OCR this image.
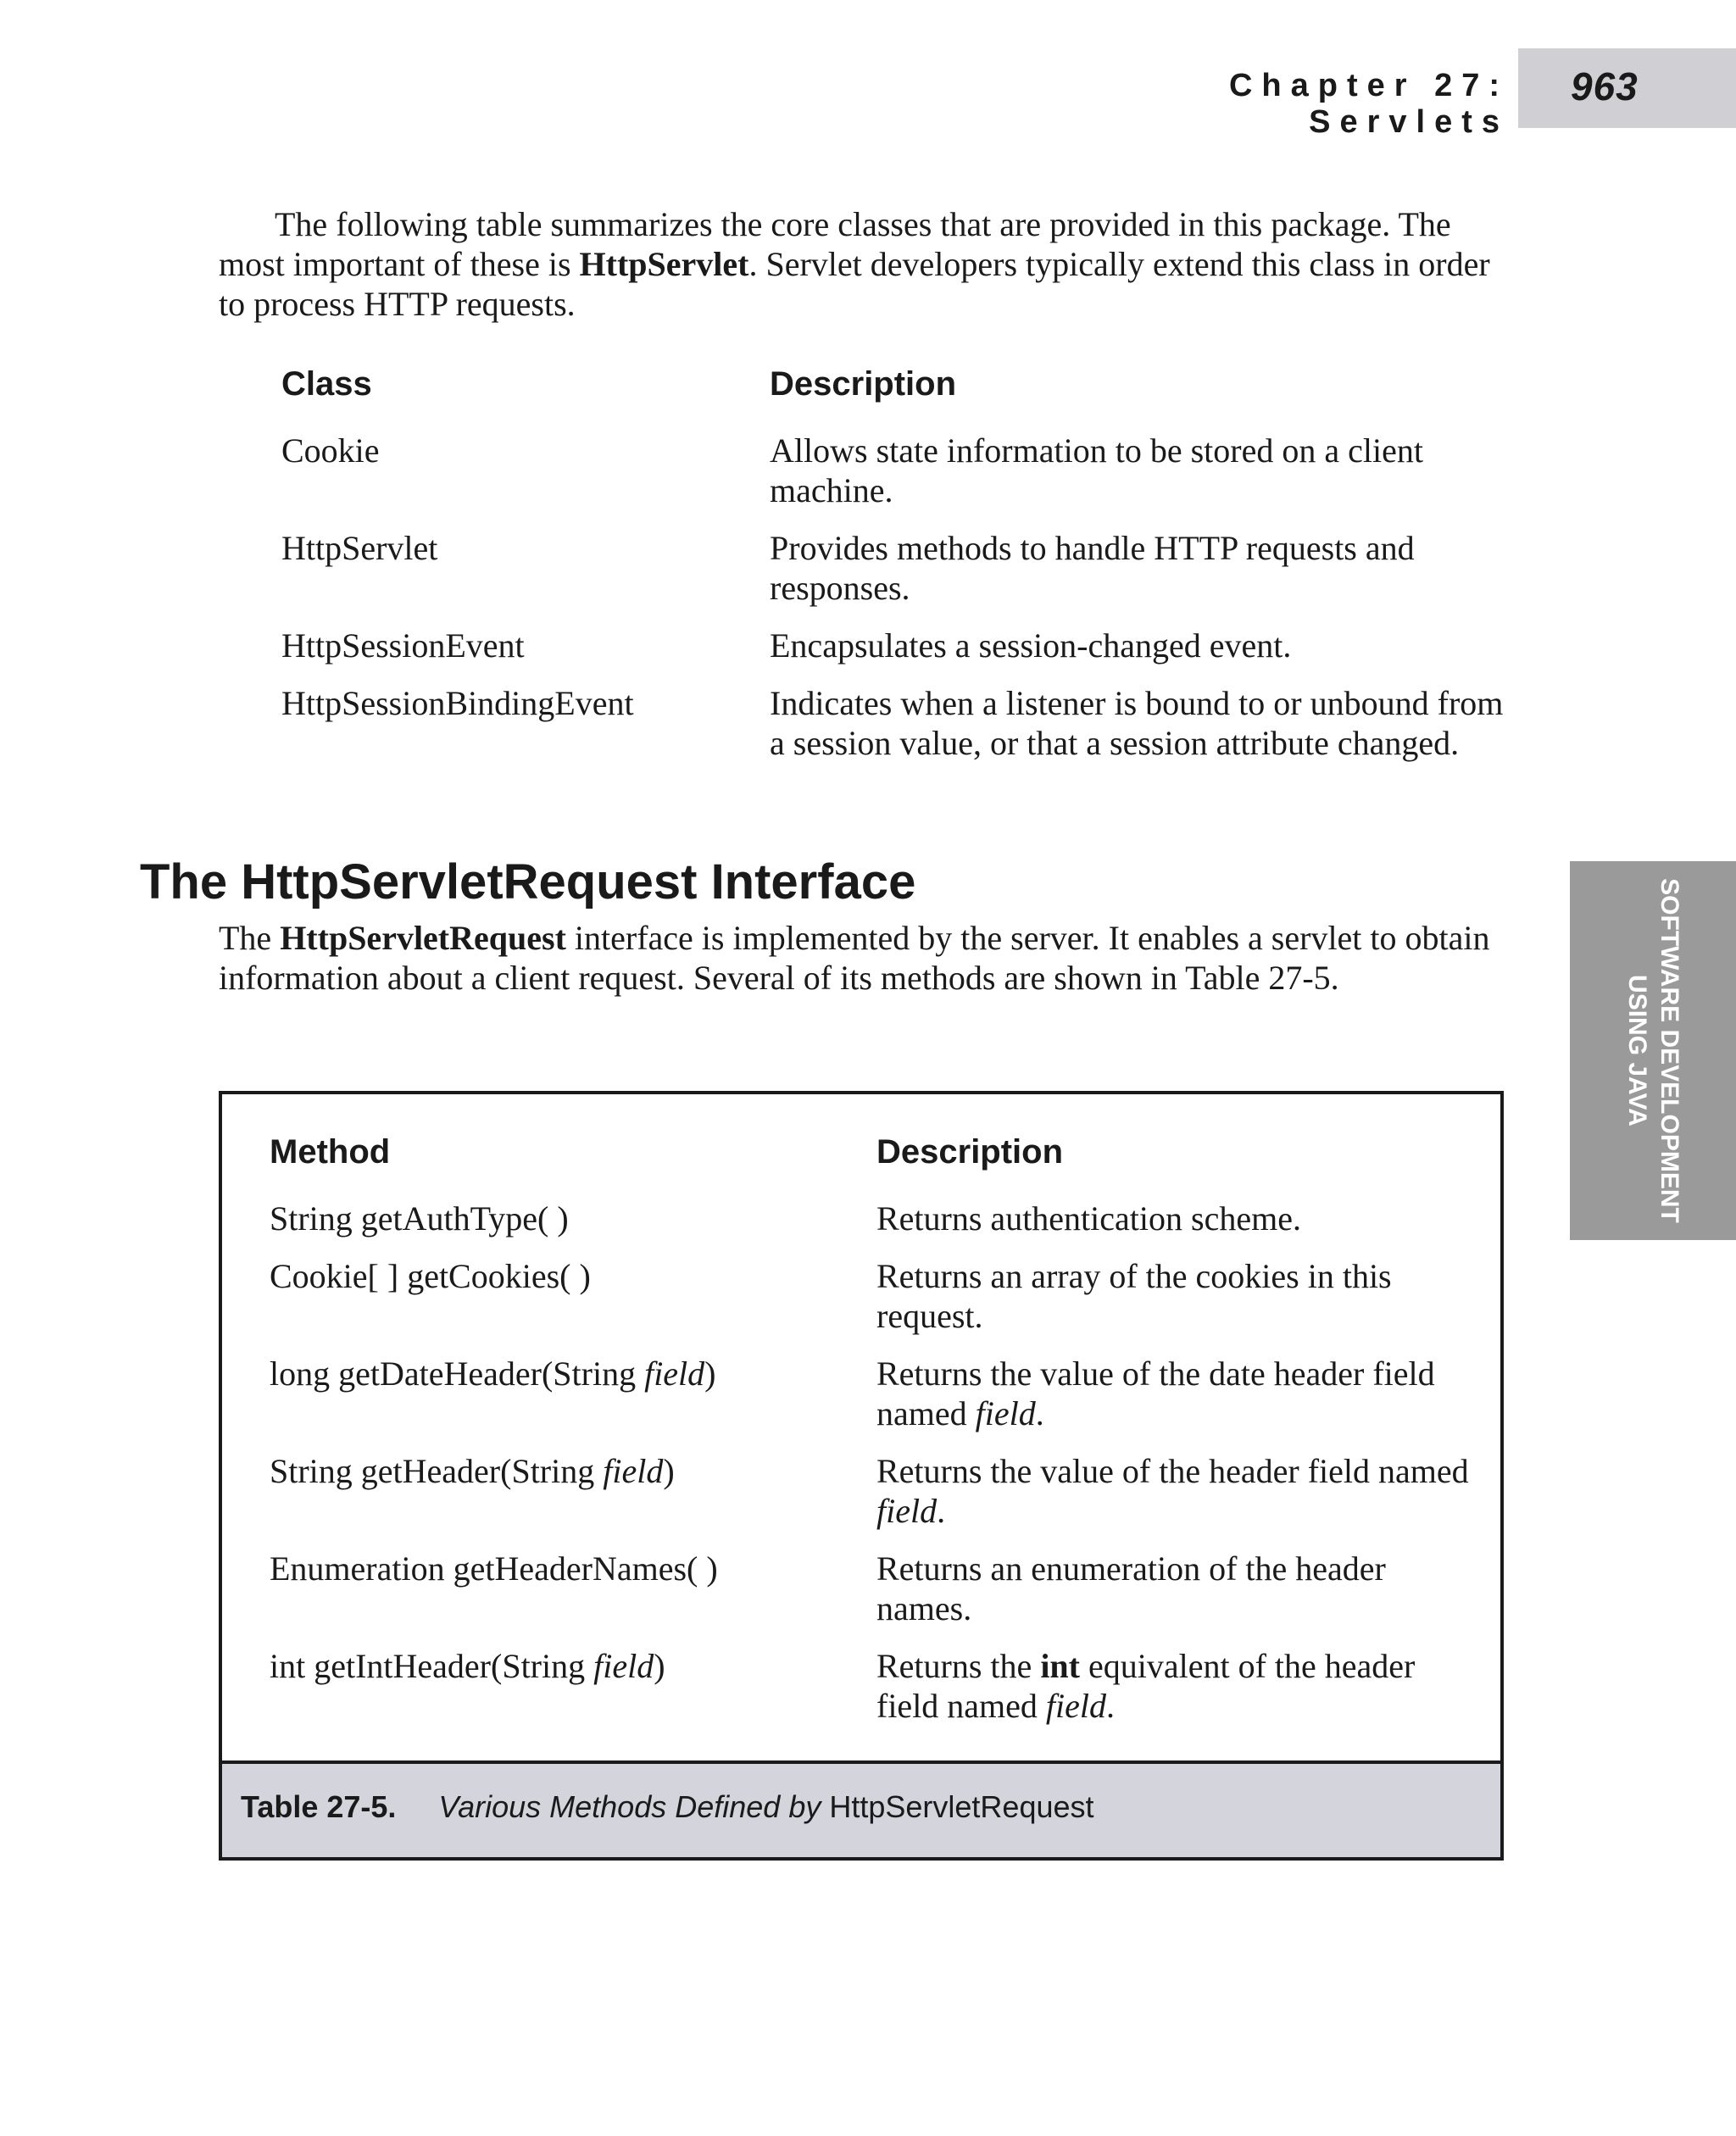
Chapter 27: Servlets
963
SOFTWARE DEVELOPMENT
USING JAVA
The following table summarizes the core classes that are provided in this package. The most important of these is HttpServlet. Servlet developers typically extend this class in order to process HTTP requests.
Class	Description
Cookie	Allows state information to be stored on a client machine.
HttpServlet	Provides methods to handle HTTP requests and responses.
HttpSessionEvent	Encapsulates a session-changed event.
HttpSessionBindingEvent	Indicates when a listener is bound to or unbound from a session value, or that a session attribute changed.
The HttpServletRequest Interface
The HttpServletRequest interface is implemented by the server. It enables a servlet to obtain information about a client request. Several of its methods are shown in Table 27-5.
Method	Description
String getAuthType( )	Returns authentication scheme.
Cookie[ ] getCookies( )	Returns an array of the cookies in this request.
long getDateHeader(String field)	Returns the value of the date header field named field.
String getHeader(String field)	Returns the value of the header field named field.
Enumeration getHeaderNames( )	Returns an enumeration of the header names.
int getIntHeader(String field)	Returns the int equivalent of the header field named field.
Table 27-5. Various Methods Defined by HttpServletRequest
